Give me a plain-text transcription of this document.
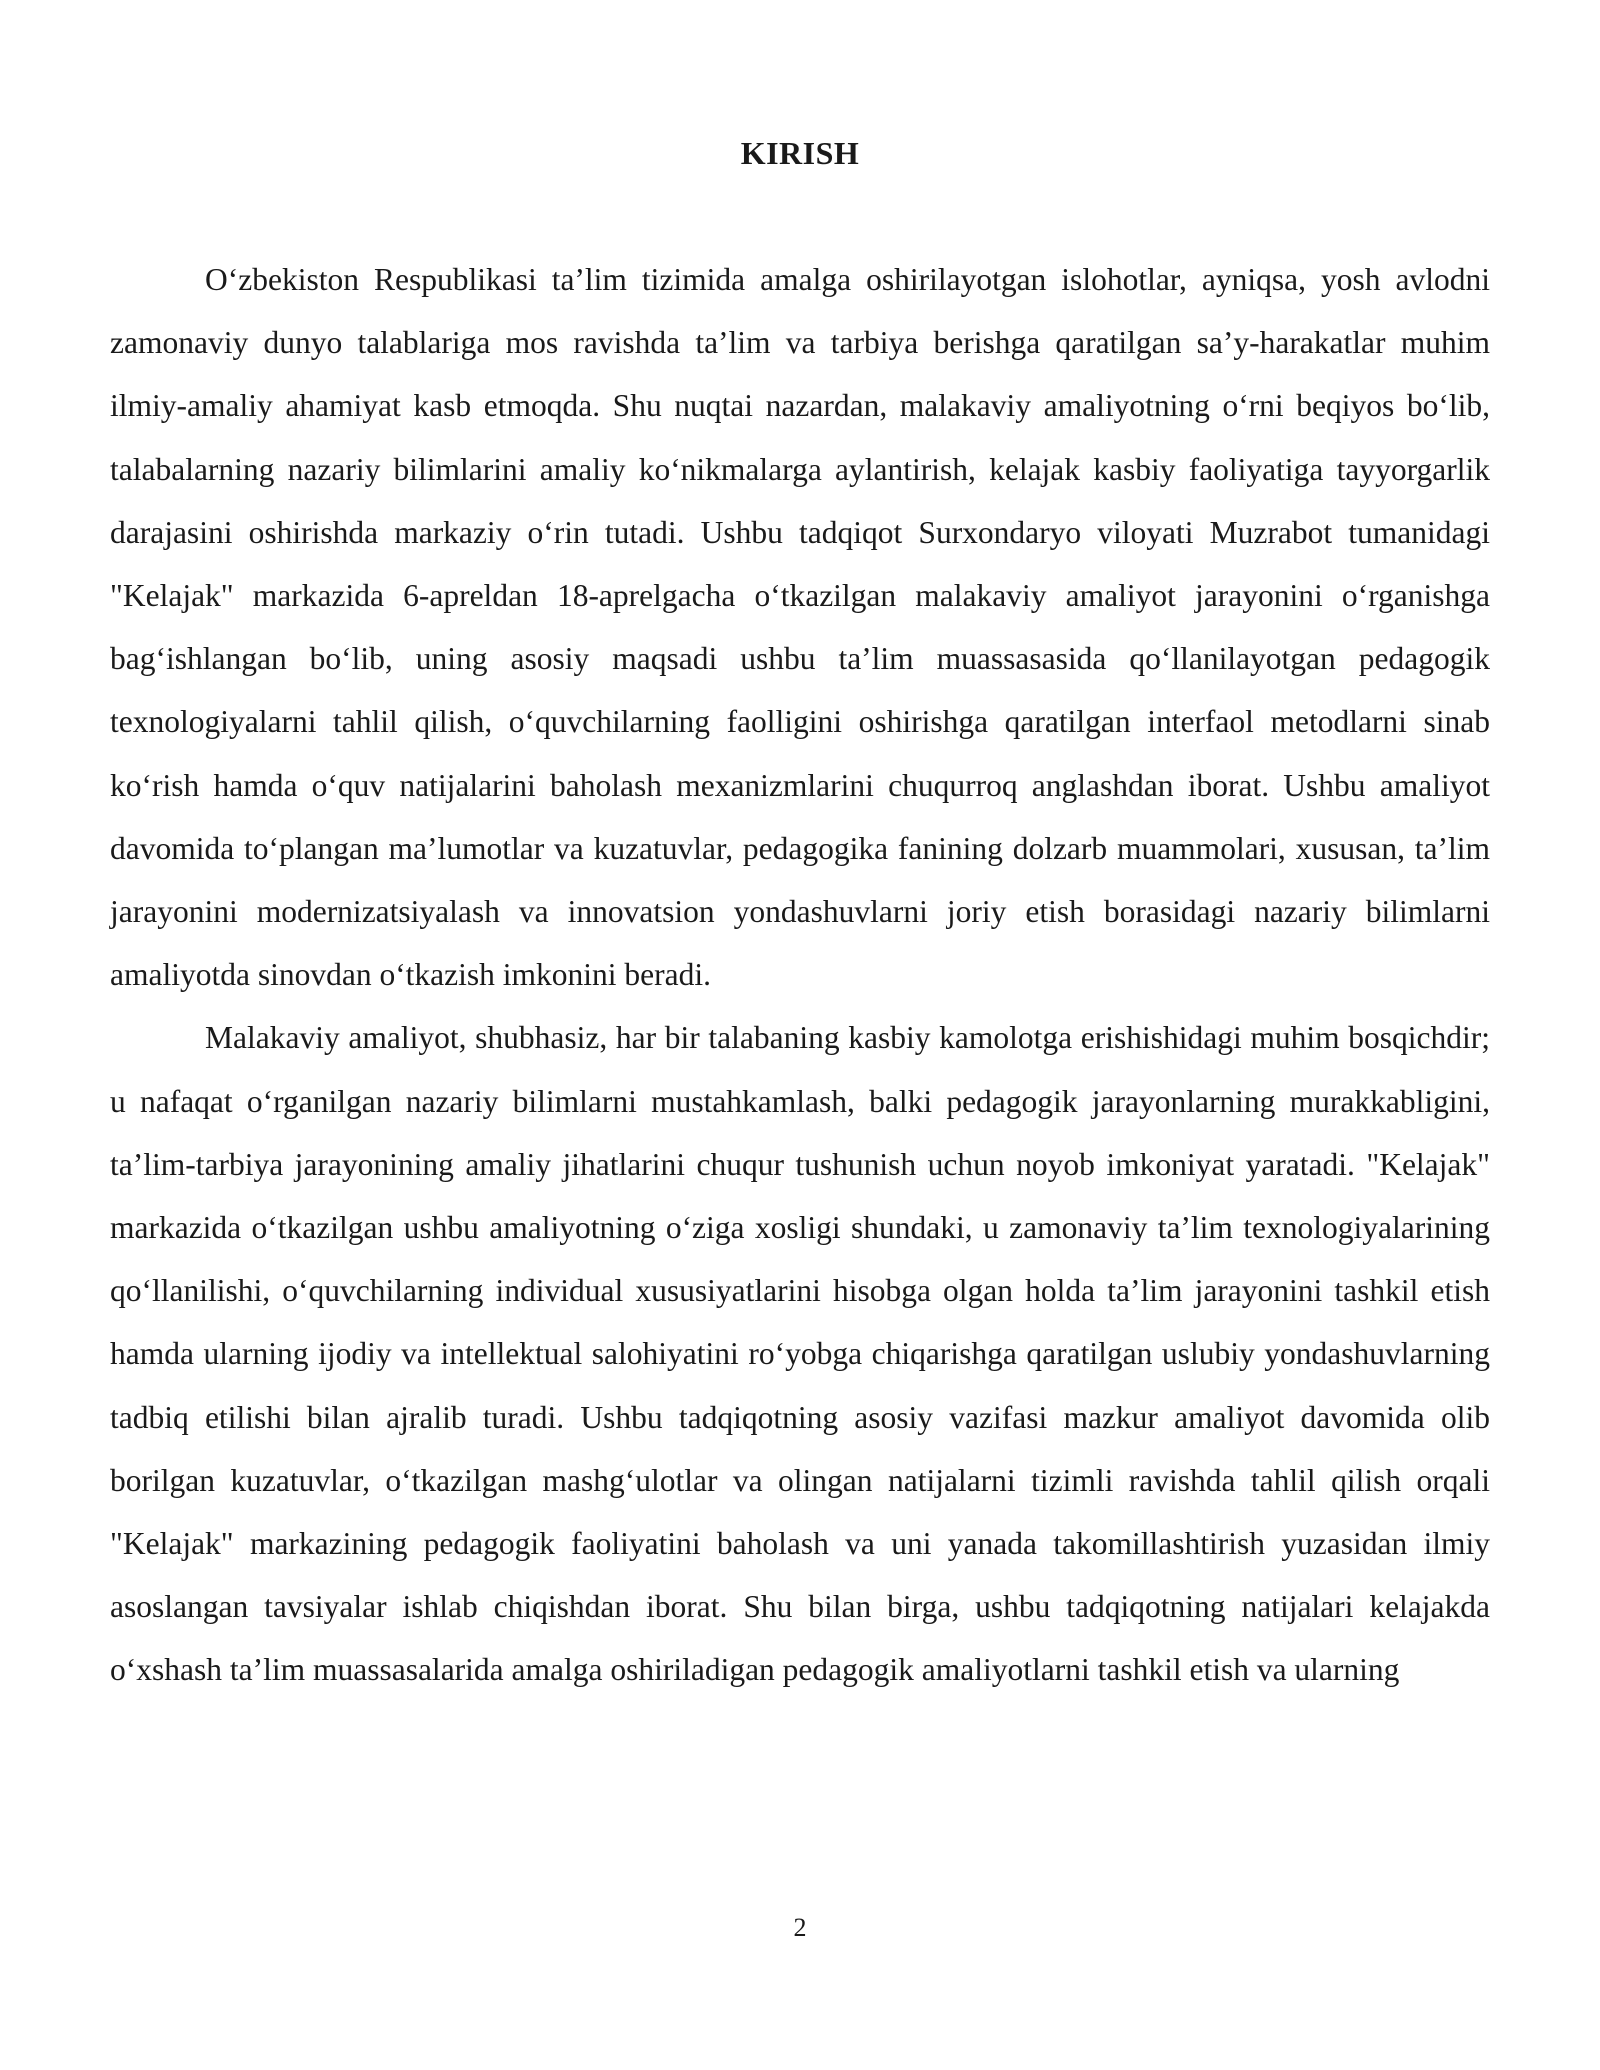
KIRISH

O‘zbekiston Respublikasi ta’lim tizimida amalga oshirilayotgan islohotlar, ayniqsa, yosh avlodni zamonaviy dunyo talablariga mos ravishda ta’lim va tarbiya berishga qaratilgan sa’y-harakatlar muhim ilmiy-amaliy ahamiyat kasb etmoqda. Shu nuqtai nazardan, malakaviy amaliyotning o‘rni beqiyos bo‘lib, talabalarning nazariy bilimlarini amaliy ko‘nikmalarga aylantirish, kelajak kasbiy faoliyatiga tayyorgarlik darajasini oshirishda markaziy o‘rin tutadi. Ushbu tadqiqot Surxondaryo viloyati Muzrabot tumanidagi "Kelajak" markazida 6-apreldan 18-aprelgacha o‘tkazilgan malakaviy amaliyot jarayonini o‘rganishga bag‘ishlangan bo‘lib, uning asosiy maqsadi ushbu ta’lim muassasasida qo‘llanilayotgan pedagogik texnologiyalarni tahlil qilish, o‘quvchilarning faolligini oshirishga qaratilgan interfaol metodlarni sinab ko‘rish hamda o‘quv natijalarini baholash mexanizmlarini chuqurroq anglashdan iborat. Ushbu amaliyot davomida to‘plangan ma’lumotlar va kuzatuvlar, pedagogika fanining dolzarb muammolari, xususan, ta’lim jarayonini modernizatsiyalash va innovatsion yondashuvlarni joriy etish borasidagi nazariy bilimlarni amaliyotda sinovdan o‘tkazish imkonini beradi.

Malakaviy amaliyot, shubhasiz, har bir talabaning kasbiy kamolotga erishishidagi muhim bosqichdir; u nafaqat o‘rganilgan nazariy bilimlarni mustahkamlash, balki pedagogik jarayonlarning murakkabligini, ta’lim-tarbiya jarayonining amaliy jihatlarini chuqur tushunish uchun noyob imkoniyat yaratadi. "Kelajak" markazida o‘tkazilgan ushbu amaliyotning o‘ziga xosligi shundaki, u zamonaviy ta’lim texnologiyalarining qo‘llanilishi, o‘quvchilarning individual xususiyatlarini hisobga olgan holda ta’lim jarayonini tashkil etish hamda ularning ijodiy va intellektual salohiyatini ro‘yobga chiqarishga qaratilgan uslubiy yondashuvlarning tadbiq etilishi bilan ajralib turadi. Ushbu tadqiqotning asosiy vazifasi mazkur amaliyot davomida olib borilgan kuzatuvlar, o‘tkazilgan mashg‘ulotlar va olingan natijalarni tizimli ravishda tahlil qilish orqali "Kelajak" markazining pedagogik faoliyatini baholash va uni yanada takomillashtirish yuzasidan ilmiy asoslangan tavsiyalar ishlab chiqishdan iborat. Shu bilan birga, ushbu tadqiqotning natijalari kelajakda o‘xshash ta’lim muassasalarida amalga oshiriladigan pedagogik amaliyotlarni tashkil etish va ularning

2
